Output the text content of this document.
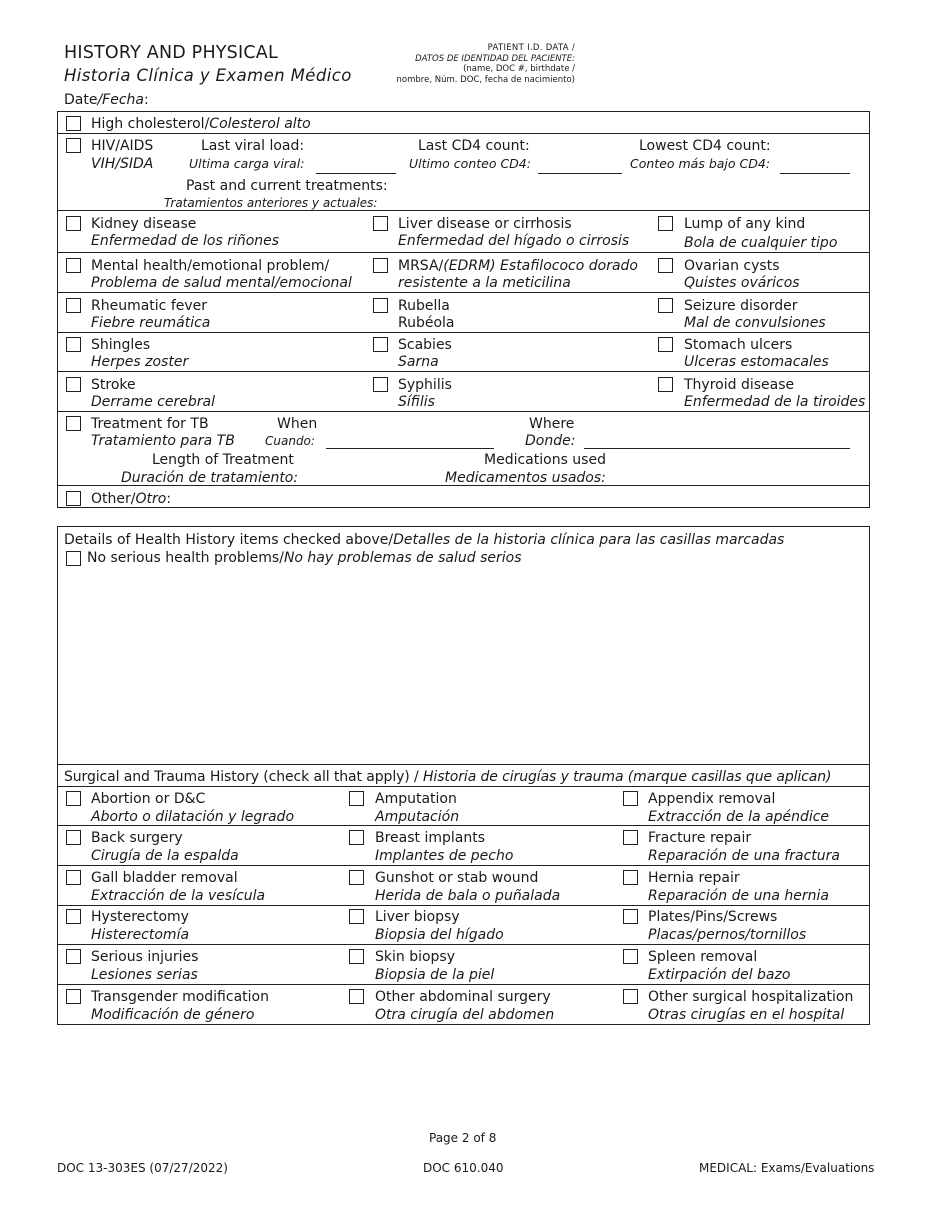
HISTORY AND PHYSICAL
Historia Clínica y Examen Médico
PATIENT I.D. DATA /
DATOS DE IDENTIDAD DEL PACIENTE:
(name, DOC #, birthdate /
nombre, Núm. DOC, fecha de nacimiento)
Date/Fecha:
High cholesterol/Colesterol alto
HIV/AIDS
VIH/SIDA
Last viral load:
Ultima carga viral:
Last CD4 count:
Ultimo conteo CD4:
Lowest CD4 count:
Conteo más bajo CD4:
Past and current treatments:
Tratamientos anteriores y actuales:
Kidney disease
Enfermedad de los riñones
Liver disease or cirrhosis
Enfermedad del hígado o cirrosis
Lump of any kind
Bola de cualquier tipo
Mental health/emotional problem/
Problema de salud mental/emocional
MRSA/(EDRM) Estafilococo dorado
resistente a la meticilina
Ovarian cysts
Quistes ováricos
Rheumatic fever
Fiebre reumática
Rubella
Rubéola
Seizure disorder
Mal de convulsiones
Shingles
Herpes zoster
Scabies
Sarna
Stomach ulcers
Ulceras estomacales
Stroke
Derrame cerebral
Syphilis
Sífilis
Thyroid disease
Enfermedad de la tiroides
Treatment for TB
Tratamiento para TB
When
Cuando:
Where
Donde:
Length of Treatment
Duración de tratamiento:
Medications used
Medicamentos usados:
Other/Otro:
Details of Health History items checked above/Detalles de la historia clínica para las casillas marcadas
No serious health problems/No hay problemas de salud serios
Surgical and Trauma History (check all that apply) / Historia de cirugías y trauma (marque casillas que aplican)
Abortion or D&C
Aborto o dilatación y legrado
Amputation
Amputación
Appendix removal
Extracción de la apéndice
Back surgery
Cirugía de la espalda
Breast implants
Implantes de pecho
Fracture repair
Reparación de una fractura
Gall bladder removal
Extracción de la vesícula
Gunshot or stab wound
Herida de bala o puñalada
Hernia repair
Reparación de una hernia
Hysterectomy
Histerectomía
Liver biopsy
Biopsia del hígado
Plates/Pins/Screws
Placas/pernos/tornillos
Serious injuries
Lesiones serias
Skin biopsy
Biopsia de la piel
Spleen removal
Extirpación del bazo
Transgender modification
Modificación de género
Other abdominal surgery
Otra cirugía del abdomen
Other surgical hospitalization
Otras cirugías en el hospital
Page 2 of 8
DOC 13-303ES (07/27/2022)	DOC 610.040	MEDICAL: Exams/Evaluations
